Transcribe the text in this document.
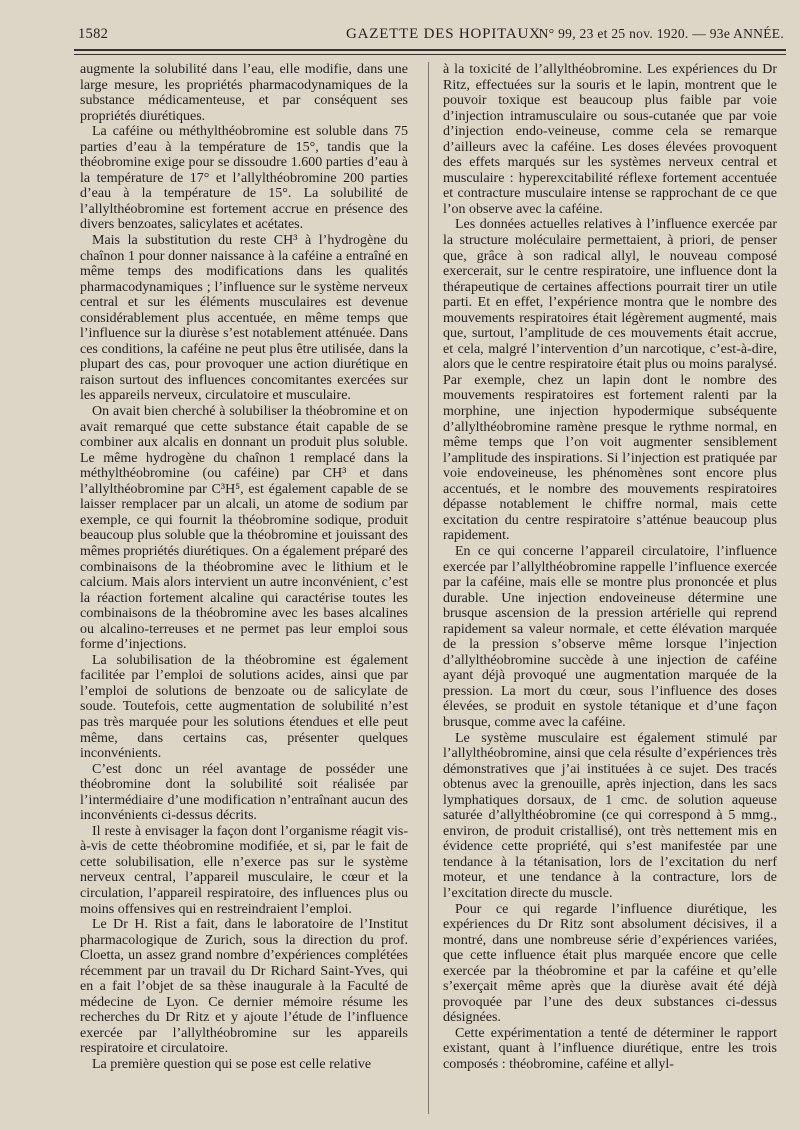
1582	GAZETTE DES HOPITAUX
N° 99, 23 et 25 nov. 1920. — 93e ANNÉE.

augmente la solubilité dans l’eau, elle modifie, dans une large mesure, les propriétés pharmacodynamiques de la substance médicamenteuse, et par conséquent ses propriétés diurétiques.

La caféine ou méthylthéobromine est soluble dans 75 parties d’eau à la température de 15°, tandis que la théobromine exige pour se dissoudre 1.600 parties d’eau à la température de 17° et l’allylthéobromine 200 parties d’eau à la température de 15°. La solubilité de l’allylthéobromine est fortement accrue en présence des divers benzoates, salicylates et acétates.

Mais la substitution du reste CH³ à l’hydrogène du chaînon 1 pour donner naissance à la caféine a entraîné en même temps des modifications dans les qualités pharmacodynamiques ; l’influence sur le système nerveux central et sur les éléments musculaires est devenue considérablement plus accentuée, en même temps que l’influence sur la diurèse s’est notablement atténuée. Dans ces conditions, la caféine ne peut plus être utilisée, dans la plupart des cas, pour provoquer une action diurétique en raison surtout des influences concomitantes exercées sur les appareils nerveux, circulatoire et musculaire.

On avait bien cherché à solubiliser la théobromine et on avait remarqué que cette substance était capable de se combiner aux alcalis en donnant un produit plus soluble. Le même hydrogène du chaînon 1 remplacé dans la méthylthéobromine (ou caféine) par CH³ et dans l’allylthéobromine par C³H⁵, est également capable de se laisser remplacer par un alcali, un atome de sodium par exemple, ce qui fournit la théobromine sodique, produit beaucoup plus soluble que la théobromine et jouissant des mêmes propriétés diurétiques. On a également préparé des combinaisons de la théobromine avec le lithium et le calcium. Mais alors intervient un autre inconvénient, c’est la réaction fortement alcaline qui caractérise toutes les combinaisons de la théobromine avec les bases alcalines ou alcalino-terreuses et ne permet pas leur emploi sous forme d’injections.

La solubilisation de la théobromine est également facilitée par l’emploi de solutions acides, ainsi que par l’emploi de solutions de benzoate ou de salicylate de soude. Toutefois, cette augmentation de solubilité n’est pas très marquée pour les solutions étendues et elle peut même, dans certains cas, présenter quelques inconvénients.

C’est donc un réel avantage de posséder une théobromine dont la solubilité soit réalisée par l’intermédiaire d’une modification n’entraînant aucun des inconvénients ci-dessus décrits.

Il reste à envisager la façon dont l’organisme réagit vis-à-vis de cette théobromine modifiée, et si, par le fait de cette solubilisation, elle n’exerce pas sur le système nerveux central, l’appareil musculaire, le cœur et la circulation, l’appareil respiratoire, des influences plus ou moins offensives qui en restreindraient l’emploi.

Le Dr H. Rist a fait, dans le laboratoire de l’Institut pharmacologique de Zurich, sous la direction du prof. Cloetta, un assez grand nombre d’expériences complétées récemment par un travail du Dr Richard Saint-Yves, qui en a fait l’objet de sa thèse inaugurale à la Faculté de médecine de Lyon. Ce dernier mémoire résume les recherches du Dr Ritz et y ajoute l’étude de l’influence exercée par l’allylthéobromine sur les appareils respiratoire et circulatoire.

La première question qui se pose est celle relative

à la toxicité de l’allylthéobromine. Les expériences du Dr Ritz, effectuées sur la souris et le lapin, montrent que le pouvoir toxique est beaucoup plus faible par voie d’injection intramusculaire ou sous-cutanée que par voie d’injection endo-veineuse, comme cela se remarque d’ailleurs avec la caféine. Les doses élevées provoquent des effets marqués sur les systèmes nerveux central et musculaire : hyperexcitabilité réflexe fortement accentuée et contracture musculaire intense se rapprochant de ce que l’on observe avec la caféine.

Les données actuelles relatives à l’influence exercée par la structure moléculaire permettaient, à priori, de penser que, grâce à son radical allyl, le nouveau composé exercerait, sur le centre respiratoire, une influence dont la thérapeutique de certaines affections pourrait tirer un utile parti. Et en effet, l’expérience montra que le nombre des mouvements respiratoires était légèrement augmenté, mais que, surtout, l’amplitude de ces mouvements était accrue, et cela, malgré l’intervention d’un narcotique, c’est-à-dire, alors que le centre respiratoire était plus ou moins paralysé. Par exemple, chez un lapin dont le nombre des mouvements respiratoires est fortement ralenti par la morphine, une injection hypodermique subséquente d’allylthéobromine ramène presque le rythme normal, en même temps que l’on voit augmenter sensiblement l’amplitude des inspirations. Si l’injection est pratiquée par voie endoveineuse, les phénomènes sont encore plus accentués, et le nombre des mouvements respiratoires dépasse notablement le chiffre normal, mais cette excitation du centre respiratoire s’atténue beaucoup plus rapidement.

En ce qui concerne l’appareil circulatoire, l’influence exercée par l’allylthéobromine rappelle l’influence exercée par la caféine, mais elle se montre plus prononcée et plus durable. Une injection endoveineuse détermine une brusque ascension de la pression artérielle qui reprend rapidement sa valeur normale, et cette élévation marquée de la pression s’observe même lorsque l’injection d’allylthéobromine succède à une injection de caféine ayant déjà provoqué une augmentation marquée de la pression. La mort du cœur, sous l’influence des doses élevées, se produit en systole tétanique et d’une façon brusque, comme avec la caféine.

Le système musculaire est également stimulé par l’allylthéobromine, ainsi que cela résulte d’expériences très démonstratives que j’ai instituées à ce sujet. Des tracés obtenus avec la grenouille, après injection, dans les sacs lymphatiques dorsaux, de 1 cmc. de solution aqueuse saturée d’allylthéobromine (ce qui correspond à 5 mmg., environ, de produit cristallisé), ont très nettement mis en évidence cette propriété, qui s’est manifestée par une tendance à la tétanisation, lors de l’excitation du nerf moteur, et une tendance à la contracture, lors de l’excitation directe du muscle.

Pour ce qui regarde l’influence diurétique, les expériences du Dr Ritz sont absolument décisives, il a montré, dans une nombreuse série d’expériences variées, que cette influence était plus marquée encore que celle exercée par la théobromine et par la caféine et qu’elle s’exerçait même après que la diurèse avait été déjà provoquée par l’une des deux substances ci-dessus désignées.

Cette expérimentation a tenté de déterminer le rapport existant, quant à l’influence diurétique, entre les trois composés : théobromine, caféine et allyl-
